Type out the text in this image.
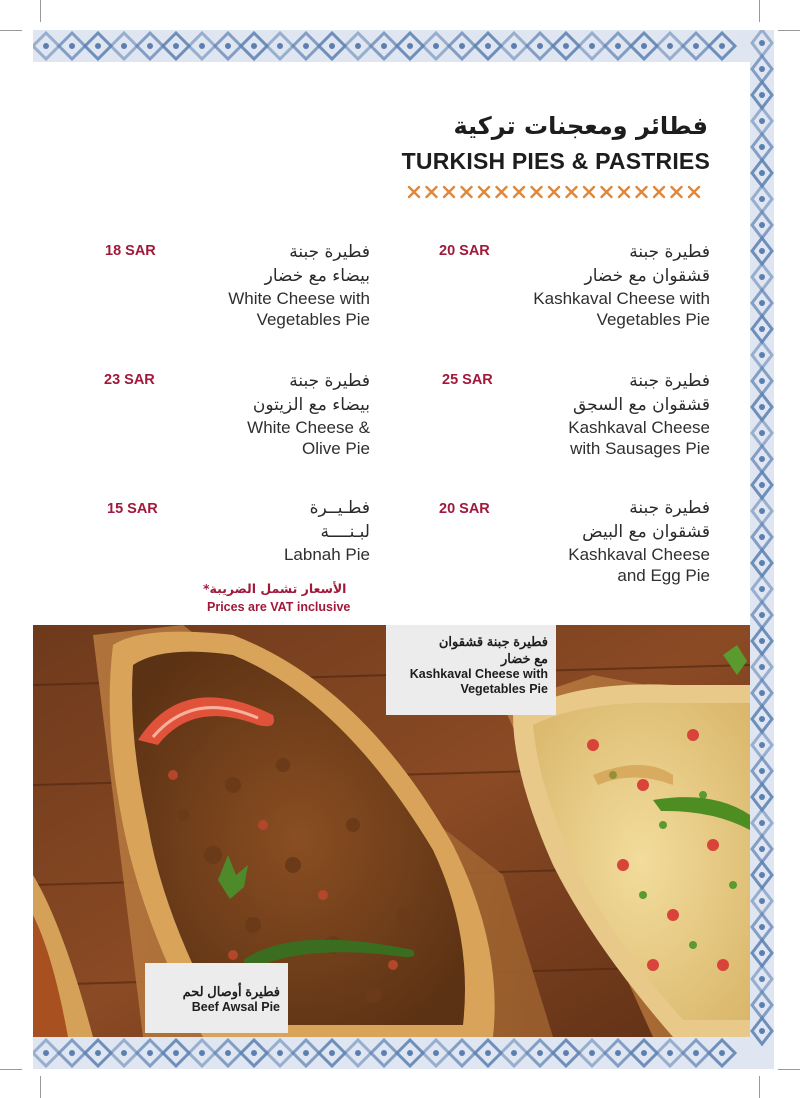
فطائر ومعجنات تركية
TURKISH PIES & PASTRIES
فطيرة جبنة
قشقوان مع خضار
Kashkaval Cheese with
Vegetables Pie
20 SAR
فطيرة جبنة
بيضاء مع خضار
White Cheese with
Vegetables Pie
18 SAR
فطيرة جبنة
قشقوان مع السجق
Kashkaval Cheese
with Sausages Pie
25 SAR
فطيرة جبنة
بيضاء مع الزيتون
White Cheese &
Olive Pie
23 SAR
فطيرة جبنة
قشقوان مع البيض
Kashkaval Cheese
and Egg Pie
20 SAR
فطـيــرة
لبـنــــة
Labnah Pie
15 SAR
الأسعار تشمل الضريبة*
Prices are VAT inclusive
فطيرة جبنة قشقوان
مع خضار
Kashkaval Cheese with
Vegetables Pie
فطيرة أوصال لحم
Beef Awsal Pie
